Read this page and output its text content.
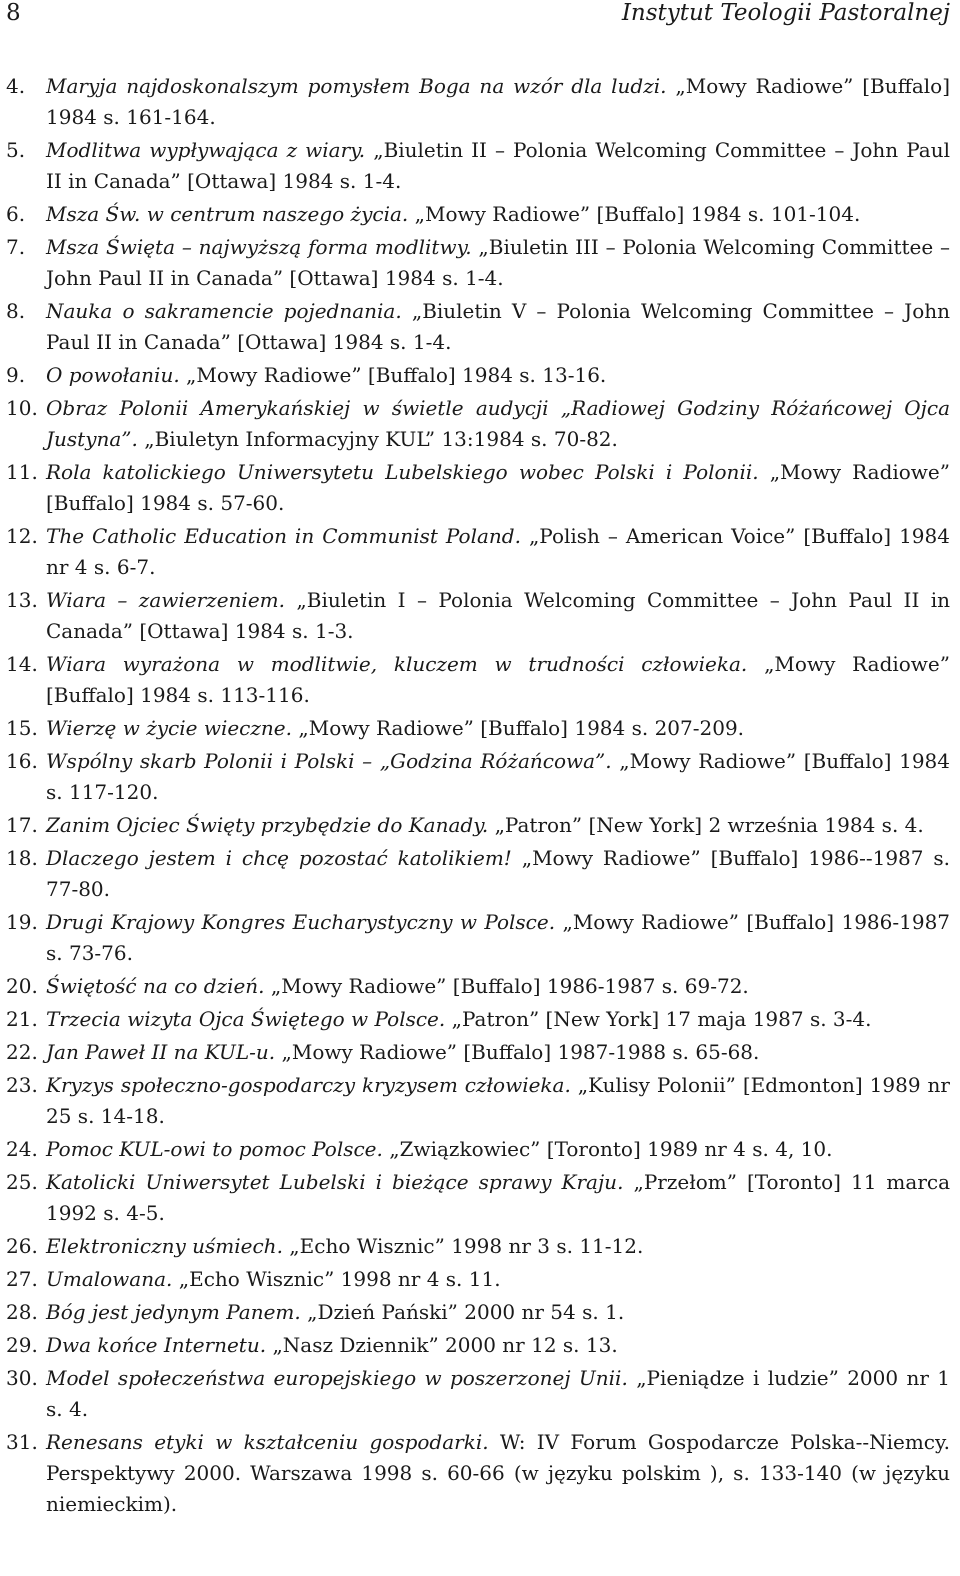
8	Instytut Teologii Pastoralnej
4.	Maryja najdoskonalszym pomysłem Boga na wzór dla ludzi. „Mowy Radiowe” [Buffalo] 1984 s. 161-164.
5.	Modlitwa wypływająca z wiary. „Biuletin II – Polonia Welcoming Committee – John Paul II in Canada” [Ottawa] 1984 s. 1-4.
6.	Msza Św. w centrum naszego życia. „Mowy Radiowe” [Buffalo] 1984 s. 101-104.
7.	Msza Święta – najwyższą forma modlitwy. „Biuletin III – Polonia Welcoming Committee – John Paul II in Canada” [Ottawa] 1984 s. 1-4.
8.	Nauka o sakramencie pojednania. „Biuletin V – Polonia Welcoming Committee – John Paul II in Canada” [Ottawa] 1984 s. 1-4.
9.	O powołaniu. „Mowy Radiowe” [Buffalo] 1984 s. 13-16.
10. Obraz Polonii Amerykańskiej w świetle audycji „Radiowej Godziny Różańcowej Ojca Justyna”. „Biuletyn Informacyjny KUL” 13:1984 s. 70-82.
11. Rola katolickiego Uniwersytetu Lubelskiego wobec Polski i Polonii. „Mowy Radiowe” [Buffalo] 1984 s. 57-60.
12. The Catholic Education in Communist Poland. „Polish – American Voice” [Buffalo] 1984 nr 4 s. 6-7.
13. Wiara – zawierzeniem. „Biuletin I – Polonia Welcoming Committee – John Paul II in Canada” [Ottawa] 1984 s. 1-3.
14. Wiara wyrażona w modlitwie, kluczem w trudności człowieka. „Mowy Radiowe” [Buffalo] 1984 s. 113-116.
15. Wierzę w życie wieczne. „Mowy Radiowe” [Buffalo] 1984 s. 207-209.
16. Wspólny skarb Polonii i Polski – „Godzina Różańcowa”. „Mowy Radiowe” [Buffalo] 1984 s. 117-120.
17. Zanim Ojciec Święty przybędzie do Kanady. „Patron” [New York] 2 września 1984 s. 4.
18. Dlaczego jestem i chcę pozostać katolikiem! „Mowy Radiowe” [Buffalo] 1986--1987 s. 77-80.
19. Drugi Krajowy Kongres Eucharystyczny w Polsce. „Mowy Radiowe” [Buffalo] 1986-1987 s. 73-76.
20. Świętość na co dzień. „Mowy Radiowe” [Buffalo] 1986-1987 s. 69-72.
21. Trzecia wizyta Ojca Świętego w Polsce. „Patron” [New York] 17 maja 1987 s. 3-4.
22. Jan Paweł II na KUL-u. „Mowy Radiowe” [Buffalo] 1987-1988 s. 65-68.
23. Kryzys społeczno-gospodarczy kryzysem człowieka. „Kulisy Polonii” [Edmonton] 1989 nr 25 s. 14-18.
24. Pomoc KUL-owi to pomoc Polsce. „Związkowiec” [Toronto] 1989 nr 4 s. 4, 10.
25. Katolicki Uniwersytet Lubelski i bieżące sprawy Kraju. „Przełom” [Toronto] 11 marca 1992 s. 4-5.
26. Elektroniczny uśmiech. „Echo Wisznic” 1998 nr 3 s. 11-12.
27. Umalowana. „Echo Wisznic” 1998 nr 4 s. 11.
28. Bóg jest jedynym Panem. „Dzień Pański” 2000 nr 54 s. 1.
29. Dwa końce Internetu. „Nasz Dziennik” 2000 nr 12 s. 13.
30. Model społeczeństwa europejskiego w poszerzonej Unii. „Pieniądze i ludzie” 2000 nr 1 s. 4.
31. Renesans etyki w kształceniu gospodarki. W: IV Forum Gospodarcze Polska--Niemcy. Perspektywy 2000. Warszawa 1998 s. 60-66 (w języku polskim ), s. 133-140 (w języku niemieckim).
